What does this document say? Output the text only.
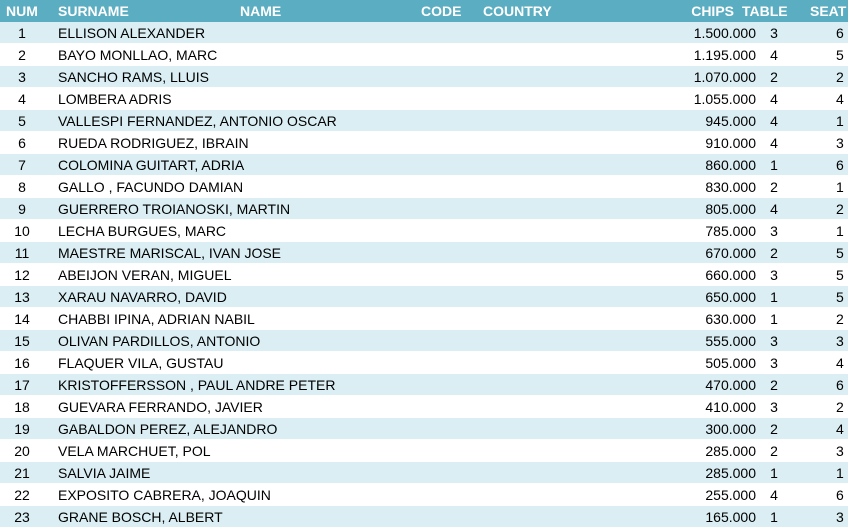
NUM SURNAME	NAME	CODE COUNTRY	CHIPS TABLE SEAT
1	ELLISON ALEXANDER	1.500.000	3	6
2	BAYO MONLLAO, MARC	1.195.000	4	5
3	SANCHO RAMS, LLUIS	1.070.000	2	2
4	LOMBERA ADRIS	1.055.000	4	4
5	VALLESPI FERNANDEZ, ANTONIO OSCAR	945.000	4	1
6	RUEDA RODRIGUEZ, IBRAIN	910.000	4	3
7	COLOMINA GUITART, ADRIA	860.000	1	6
8	GALLO , FACUNDO DAMIAN	830.000	2	1
9	GUERRERO TROIANOSKI, MARTIN	805.000	4	2
10	LECHA BURGUES, MARC	785.000	3	1
11	MAESTRE MARISCAL, IVAN JOSE	670.000	2	5
12	ABEIJON VERAN, MIGUEL	660.000	3	5
13	XARAU NAVARRO, DAVID	650.000	1	5
14	CHABBI IPINA, ADRIAN NABIL	630.000	1	2
15	OLIVAN PARDILLOS, ANTONIO	555.000	3	3
16	FLAQUER VILA, GUSTAU	505.000	3	4
17	KRISTOFFERSSON , PAUL ANDRE PETER	470.000	2	6
18	GUEVARA FERRANDO, JAVIER	410.000	3	2
19	GABALDON PEREZ, ALEJANDRO	300.000	2	4
20	VELA MARCHUET, POL	285.000	2	3
21	SALVIA JAIME	285.000	1	1
22	EXPOSITO CABRERA, JOAQUIN	255.000	4	6
23	GRANE BOSCH, ALBERT	165.000	1	3
